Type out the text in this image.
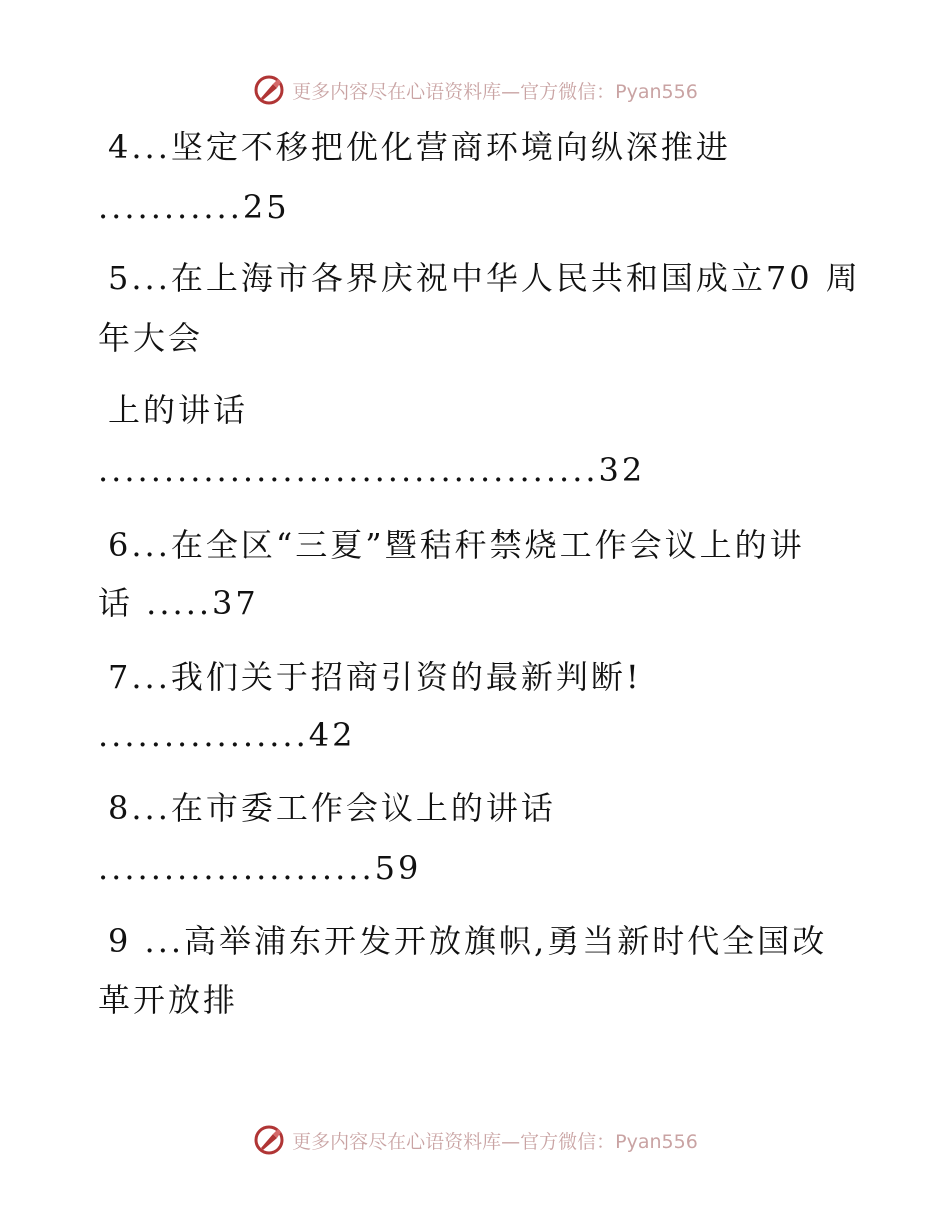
更多内容尽在心语资料库—官方微信：Pyan556
4...坚定不移把优化营商环境向纵深推进
...........25
5...在上海市各界庆祝中华人民共和国成立70 周
年大会
上的讲话
......................................32
6...在全区“三夏”暨秸秆禁烧工作会议上的讲
话 .....37
7...我们关于招商引资的最新判断!
................42
8...在市委工作会议上的讲话
.....................59
9 ...高举浦东开发开放旗帜,勇当新时代全国改
革开放排
更多内容尽在心语资料库—官方微信：Pyan556
